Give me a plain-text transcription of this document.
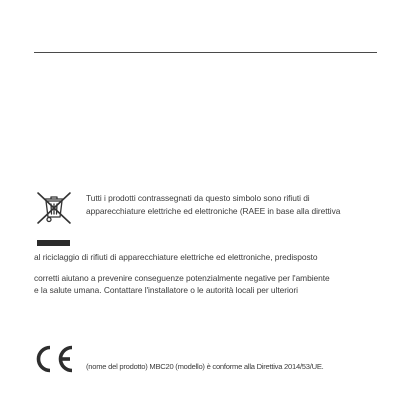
Tutti i prodotti contrassegnati da questo simbolo sono rifiuti di
apparecchiature elettriche ed elettroniche (RAEE in base alla direttiva
al riciclaggio di rifiuti di apparecchiature elettriche ed elettroniche, predisposto
corretti aiutano a prevenire conseguenze potenzialmente negative per l'ambiente
e la salute umana. Contattare l'installatore o le autorità locali per ulteriori
(nome del prodotto) MBC20 (modello) è conforme alla Direttiva 2014/53/UE.
